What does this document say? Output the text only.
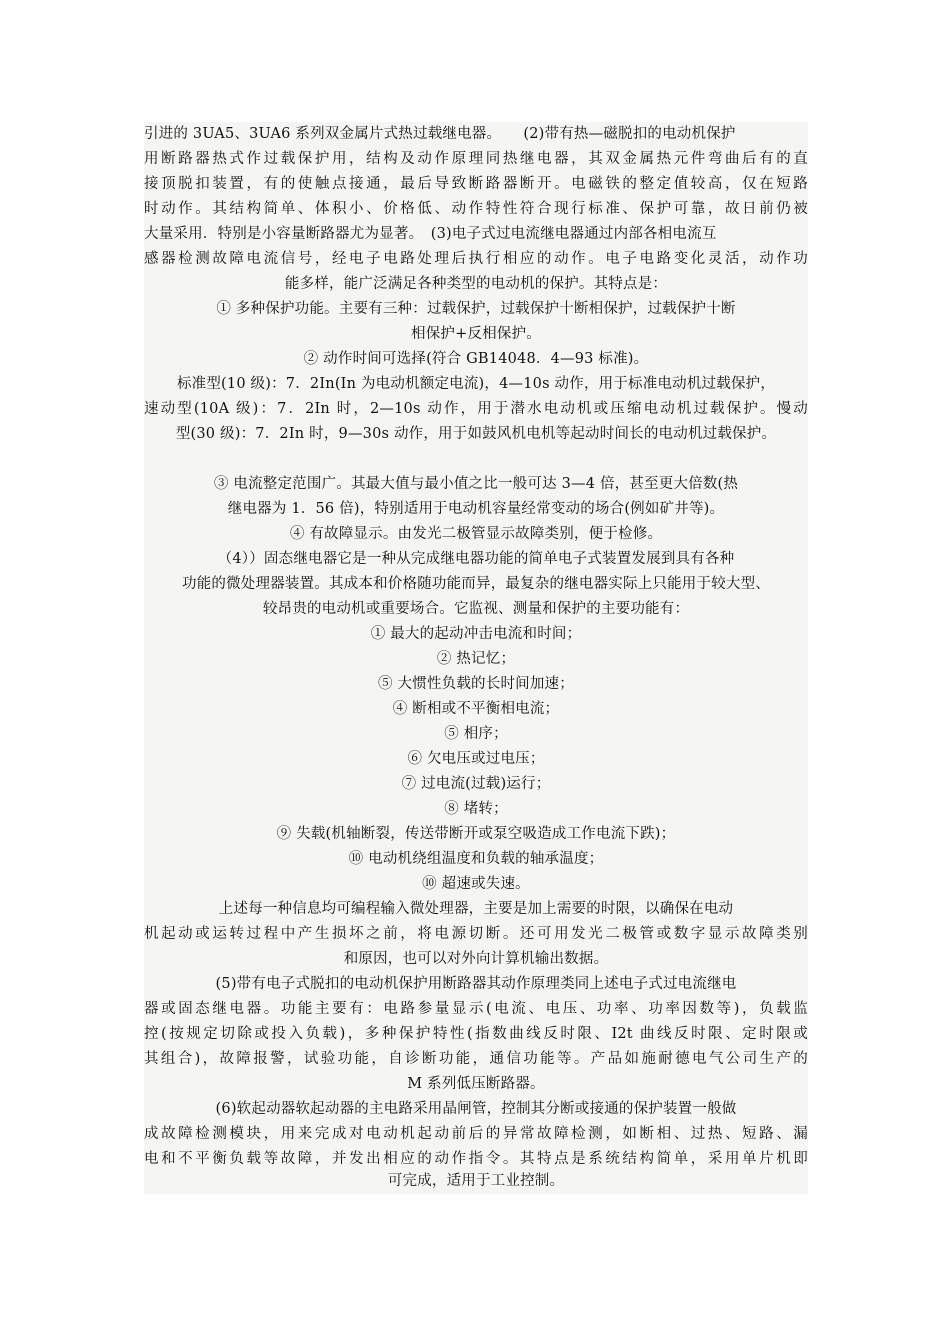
引进的 3UA5、3UA6 系列双金属片式热过载继电器。　　(2)带有热—磁脱扣的电动机保护
用断路器热式作过载保护用，结构及动作原理同热继电器，其双金属热元件弯曲后有的直
接顶脱扣装置，有的使触点接通，最后导致断路器断开。电磁铁的整定值较高，仅在短路
时动作。其结构简单、体积小、价格低、动作特性符合现行标准、保护可靠，故日前仍被
大量采用．特别是小容量断路器尤为显著。　(3)电子式过电流继电器通过内部各相电流互
感器检测故障电流信号，经电子电路处理后执行相应的动作。电子电路变化灵活，动作功
能多样，能广泛满足各种类型的电动机的保护。其特点是：
① 多种保护功能。主要有三种：过载保护，过载保护十断相保护，过载保护十断
相保护+反相保护。
② 动作时间可选择(符合 GB14048．4—93 标准)。
标准型(10 级)：7．2In(In 为电动机额定电流)，4—10s 动作，用于标准电动机过载保护，
速动型(10A 级)：7．2In 时，2—10s 动作，用于潜水电动机或压缩电动机过载保护。慢动
型(30 级)：7．2In 时，9—30s 动作，用于如鼓风机电机等起动时间长的电动机过载保护。
③ 电流整定范围广。其最大值与最小值之比一般可达 3—4 倍，甚至更大倍数(热
继电器为 1．56 倍)，特别适用于电动机容量经常变动的场合(例如矿井等)。
④ 有故障显示。由发光二极管显示故障类别，便于检修。
（4））固态继电器它是一种从完成继电器功能的简单电子式装置发展到具有各种
功能的微处理器装置。其成本和价格随功能而异，最复杂的继电器实际上只能用于较大型、
较昂贵的电动机或重要场合。它监视、测量和保护的主要功能有：
① 最大的起动冲击电流和时间；
② 热记忆；
⑤ 大惯性负载的长时间加速；
④ 断相或不平衡相电流；
⑤ 相序；
⑥ 欠电压或过电压；
⑦ 过电流(过载)运行；
⑧ 堵转；
⑨ 失载(机轴断裂，传送带断开或泵空吸造成工作电流下跌)；
⑩ 电动机绕组温度和负载的轴承温度；
⑩ 超速或失速。
上述每一种信息均可编程输入微处理器，主要是加上需要的时限，以确保在电动
机起动或运转过程中产生损坏之前，将电源切断。还可用发光二极管或数字显示故障类别
和原因，也可以对外向计算机输出数据。
(5)带有电子式脱扣的电动机保护用断路器其动作原理类同上述电子式过电流继电
器或固态继电器。功能主要有：电路参量显示(电流、电压、功率、功率因数等)，负载监
控(按规定切除或投入负载)，多种保护特性(指数曲线反时限、I2t 曲线反时限、定时限或
其组合)，故障报警，试验功能，自诊断功能，通信功能等。产品如施耐德电气公司生产的
M 系列低压断路器。
(6)软起动器软起动器的主电路采用晶闸管，控制其分断或接通的保护装置一般做
成故障检测模块，用来完成对电动机起动前后的异常故障检测，如断相、过热、短路、漏
电和不平衡负载等故障，并发出相应的动作指令。其特点是系统结构简单，采用单片机即
可完成，适用于工业控制。
